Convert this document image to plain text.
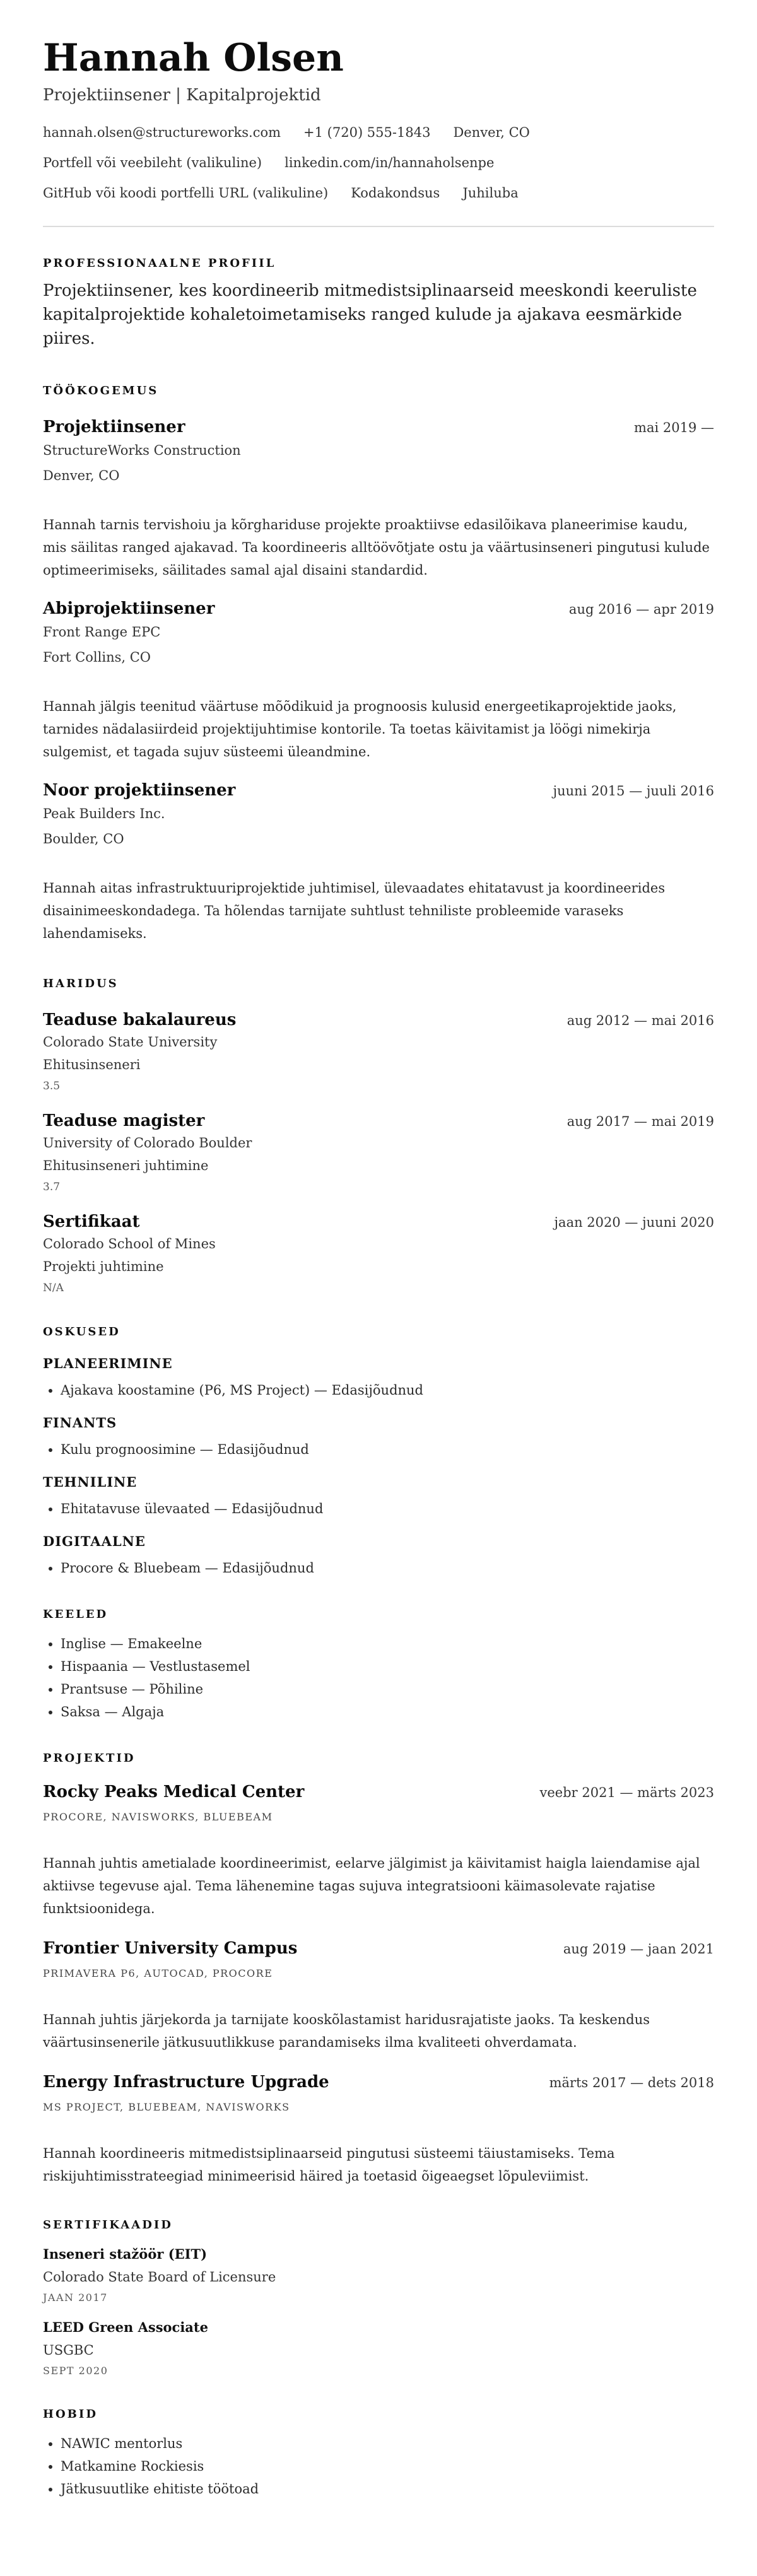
Hannah Olsen
Projektiinsener | Kapitalprojektid
hannah.olsen@structureworks.com +1 (720) 555-1843 Denver, CO
Portfell või veebileht (valikuline) linkedin.com/in/hannaholsenpe
GitHub või koodi portfelli URL (valikuline) Kodakondsus Juhiluba
PROFESSIONAALNE PROFIIL
Projektiinsener, kes koordineerib mitmedistsiplinaarseid meeskondi keeruliste kapitalprojektide kohaletoimetamiseks ranged kulude ja ajakava eesmärkide piires.
TÖÖKOGEMUS
Projektiinsener	mai 2019 —
StructureWorks Construction
Denver, CO
Hannah tarnis tervishoiu ja kõrghariduse projekte proaktiivse edasilõikava planeerimise kaudu, mis säilitas ranged ajakavad. Ta koordineeris alltöövõtjate ostu ja väärtusinseneri pingutusi kulude optimeerimiseks, säilitades samal ajal disaini standardid.
Abiprojektiinsener	aug 2016 — apr 2019
Front Range EPC
Fort Collins, CO
Hannah jälgis teenitud väärtuse mõõdikuid ja prognoosis kulusid energeetikaprojektide jaoks, tarnides nädalasiirdeid projektijuhtimise kontorile. Ta toetas käivitamist ja löögi nimekirja sulgemist, et tagada sujuv süsteemi üleandmine.
Noor projektiinsener	juuni 2015 — juuli 2016
Peak Builders Inc.
Boulder, CO
Hannah aitas infrastruktuuriprojektide juhtimisel, ülevaadates ehitatavust ja koordineerides disainimeeskondadega. Ta hõlendas tarnijate suhtlust tehniliste probleemide varaseks lahendamiseks.
HARIDUS
Teaduse bakalaureus	aug 2012 — mai 2016
Colorado State University
Ehitusinseneri
3.5
Teaduse magister	aug 2017 — mai 2019
University of Colorado Boulder
Ehitusinseneri juhtimine
3.7
Sertifikaat	jaan 2020 — juuni 2020
Colorado School of Mines
Projekti juhtimine
N/A
OSKUSED
PLANEERIMINE
• Ajakava koostamine (P6, MS Project) — Edasijõudnud
FINANTS
• Kulu prognoosimine — Edasijõudnud
TEHNILINE
• Ehitatavuse ülevaated — Edasijõudnud
DIGITAALNE
• Procore & Bluebeam — Edasijõudnud
KEELED
• Inglise — Emakeelne
• Hispaania — Vestlustasemel
• Prantsuse — Põhiline
• Saksa — Algaja
PROJEKTID
Rocky Peaks Medical Center	veebr 2021 — märts 2023
PROCORE, NAVISWORKS, BLUEBEAM
Hannah juhtis ametialade koordineerimist, eelarve jälgimist ja käivitamist haigla laiendamise ajal aktiivse tegevuse ajal. Tema lähenemine tagas sujuva integratsiooni käimasolevate rajatise funktsioonidega.
Frontier University Campus	aug 2019 — jaan 2021
PRIMAVERA P6, AUTOCAD, PROCORE
Hannah juhtis järjekorda ja tarnijate kooskõlastamist haridusrajatiste jaoks. Ta keskendus väärtusinsenerile jätkusuutlikkuse parandamiseks ilma kvaliteeti ohverdamata.
Energy Infrastructure Upgrade	märts 2017 — dets 2018
MS PROJECT, BLUEBEAM, NAVISWORKS
Hannah koordineeris mitmedistsiplinaarseid pingutusi süsteemi täiustamiseks. Tema riskijuhtimisstrateegiad minimeerisid häired ja toetasid õigeaegset lõpuleviimist.
SERTIFIKAADID
Inseneri stažöör (EIT)
Colorado State Board of Licensure
JAAN 2017
LEED Green Associate
USGBC
SEPT 2020
HOBID
• NAWIC mentorlus
• Matkamine Rockiesis
• Jätkusuutlike ehitiste töötoad
